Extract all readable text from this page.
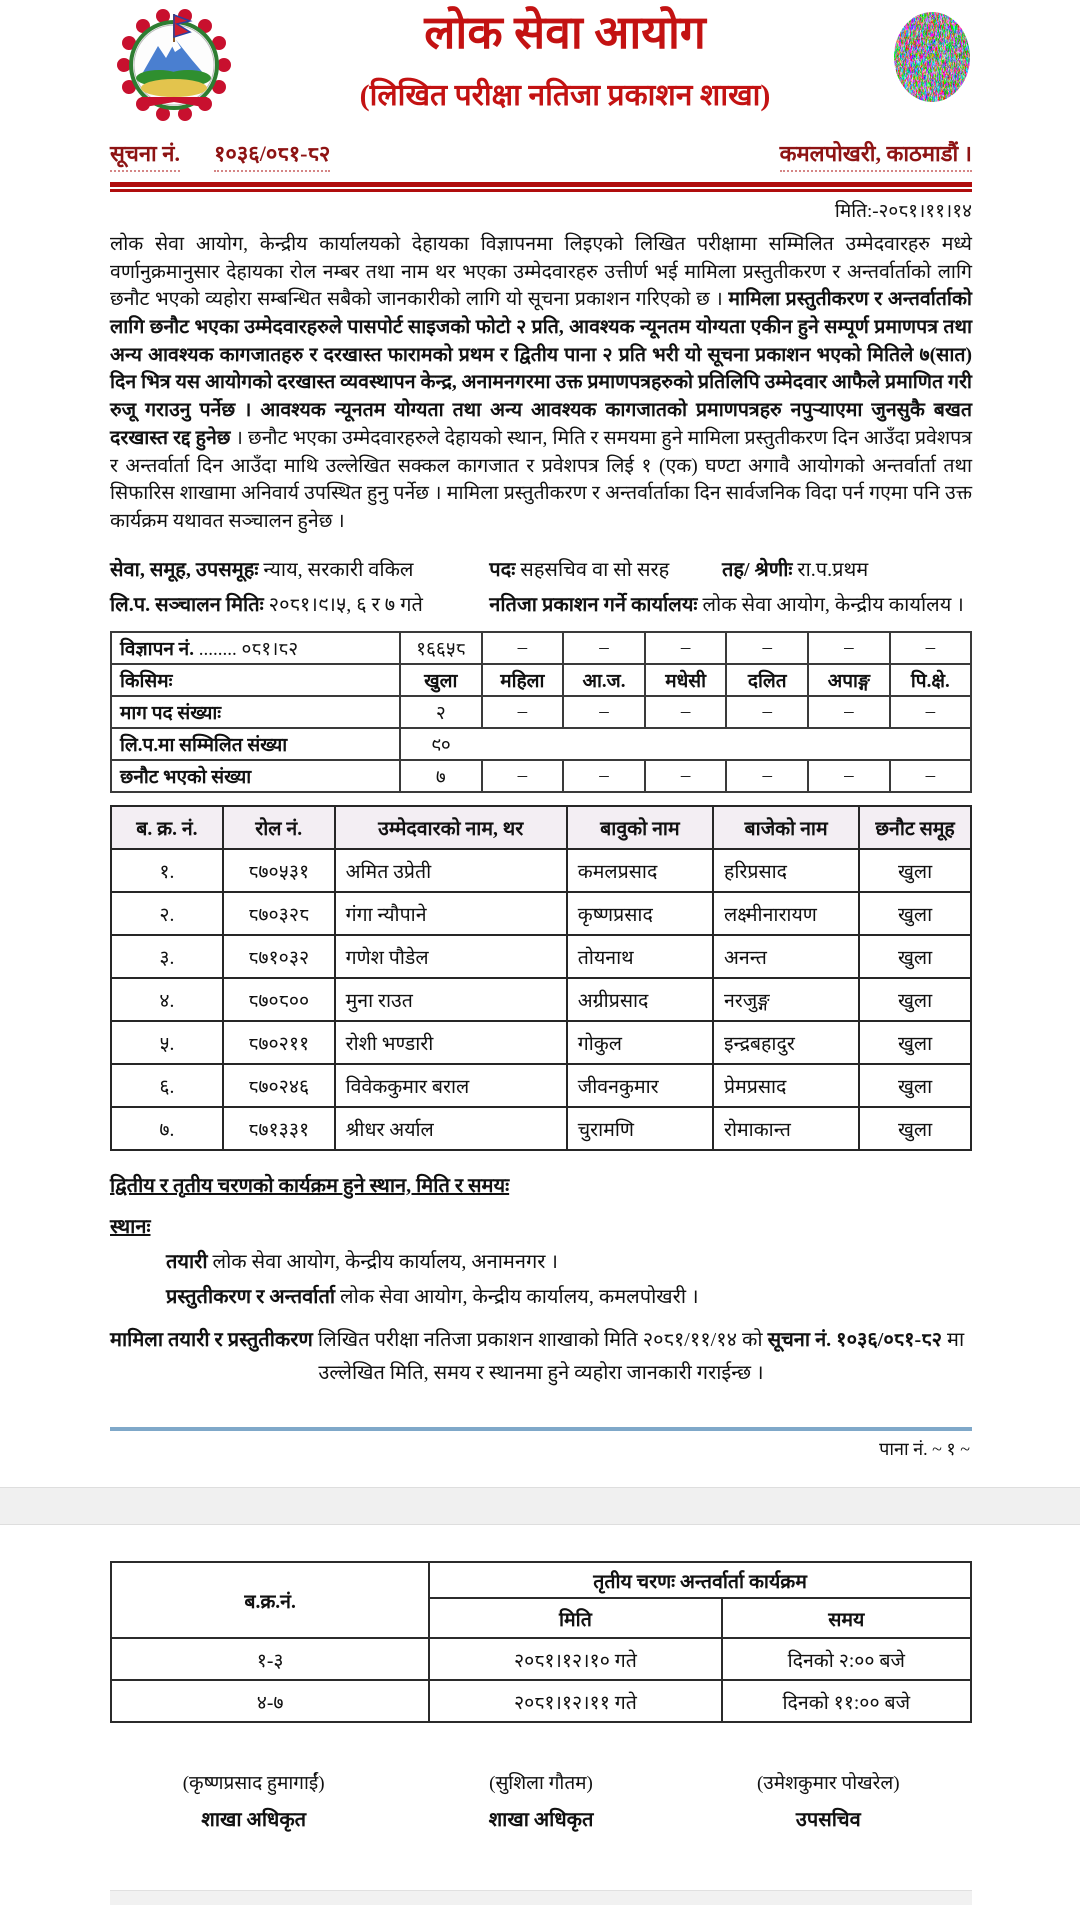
लोक सेवा आयोग
(लिखित परीक्षा नतिजा प्रकाशन शाखा)
सूचना नं. १०३६/०८१-८२	कमलपोखरी, काठमाडौं ।
मिति:-२०८१।११।१४

लोक सेवा आयोग, केन्द्रीय कार्यालयको देहायका विज्ञापनमा लिइएको लिखित परीक्षामा सम्मिलित उम्मेदवारहरु मध्ये वर्णानुक्रमानुसार देहायका रोल नम्बर तथा नाम थर भएका उम्मेदवारहरु उत्तीर्ण भई मामिला प्रस्तुतीकरण र अन्तर्वार्ताको लागि छनौट भएको व्यहोरा सम्बन्धित सबैको जानकारीको लागि यो सूचना प्रकाशन गरिएको छ । मामिला प्रस्तुतीकरण र अन्तर्वार्ताको लागि छनौट भएका उम्मेदवारहरुले पासपोर्ट साइजको फोटो २ प्रति, आवश्यक न्यूनतम योग्यता एकीन हुने सम्पूर्ण प्रमाणपत्र तथा अन्य आवश्यक कागजातहरु र दरखास्त फारामको प्रथम र द्वितीय पाना २ प्रति भरी यो सूचना प्रकाशन भएको मितिले ७(सात) दिन भित्र यस आयोगको दरखास्त व्यवस्थापन केन्द्र, अनामनगरमा उक्त प्रमाणपत्रहरुको प्रतिलिपि उम्मेदवार आफैले प्रमाणित गरी रुजू गराउनु पर्नेछ । आवश्यक न्यूनतम योग्यता तथा अन्य आवश्यक कागजातको प्रमाणपत्रहरु नपुऱ्याएमा जुनसुकै बखत दरखास्त रद्द हुनेछ । छनौट भएका उम्मेदवारहरुले देहायको स्थान, मिति र समयमा हुने मामिला प्रस्तुतीकरण दिन आउँदा प्रवेशपत्र र अन्तर्वार्ता दिन आउँदा माथि उल्लेखित सक्कल कागजात र प्रवेशपत्र लिई १ (एक) घण्टा अगावै आयोगको अन्तर्वार्ता तथा सिफारिस शाखामा अनिवार्य उपस्थित हुनु पर्नेछ । मामिला प्रस्तुतीकरण र अन्तर्वार्ताका दिन सार्वजनिक विदा पर्न गएमा पनि उक्त कार्यक्रम यथावत सञ्चालन हुनेछ ।

सेवा, समूह, उपसमूहः न्याय, सरकारी वकिल	पदः सहसचिव वा सो सरह	तह/ श्रेणीः रा.प.प्रथम
लि.प. सञ्चालन मितिः २०८१।९।५, ६ र ७ गते	नतिजा प्रकाशन गर्ने कार्यालयः लोक सेवा आयोग, केन्द्रीय कार्यालय ।
विज्ञापन नं. ........ ०८१।८२	१६६५८	–	–	–	–	–	–
किसिमः	खुला	महिला	आ.ज.	मधेसी	दलित	अपाङ्ग	पि.क्षे.
माग पद संख्याः	२	–	–	–	–	–	–
लि.प.मा सम्मिलित संख्या	९०						
छनौट भएको संख्या	७	–	–	–	–	–	–
ब. क्र. नं.	रोल नं.	उम्मेदवारको नाम, थर	बावुको नाम	बाजेको नाम	छनौट समूह
१.	८७०५३१	अमित उप्रेती	कमलप्रसाद	हरिप्रसाद	खुला
२.	८७०३२८	गंगा न्यौपाने	कृष्णप्रसाद	लक्ष्मीनारायण	खुला
३.	८७१०३२	गणेश पौडेल	तोयनाथ	अनन्त	खुला
४.	८७०८००	मुना राउत	अग्रीप्रसाद	नरजुङ्ग	खुला
५.	८७०२११	रोशी भण्डारी	गोकुल	इन्द्रबहादुर	खुला
६.	८७०२४६	विवेककुमार बराल	जीवनकुमार	प्रेमप्रसाद	खुला
७.	८७१३३१	श्रीधर अर्याल	चुरामणि	रोमाकान्त	खुला
द्वितीय र तृतीय चरणको कार्यक्रम हुने स्थान, मिति र समयः
स्थानः
तयारी लोक सेवा आयोग, केन्द्रीय कार्यालय, अनामनगर ।
प्रस्तुतीकरण र अन्तर्वार्ता लोक सेवा आयोग, केन्द्रीय कार्यालय, कमलपोखरी ।
मामिला तयारी र प्रस्तुतीकरण लिखित परीक्षा नतिजा प्रकाशन शाखाको मिति २०८१/११/१४ को सूचना नं. १०३६/०८१-८२ मा
उल्लेखित मिति, समय र स्थानमा हुने व्यहोरा जानकारी गराईन्छ ।
पाना नं. ~ १ ~
ब.क्र.नं.	तृतीय चरणः अन्तर्वार्ता कार्यक्रम	
	मिति	समय
१-३	२०८१।१२।१० गते	दिनको २:०० बजे
४-७	२०८१।१२।११ गते	दिनको ११:०० बजे
(कृष्णप्रसाद हुमागाईं)
शाखा अधिकृत
(सुशिला गौतम)
शाखा अधिकृत
(उमेशकुमार पोखरेल)
उपसचिव
